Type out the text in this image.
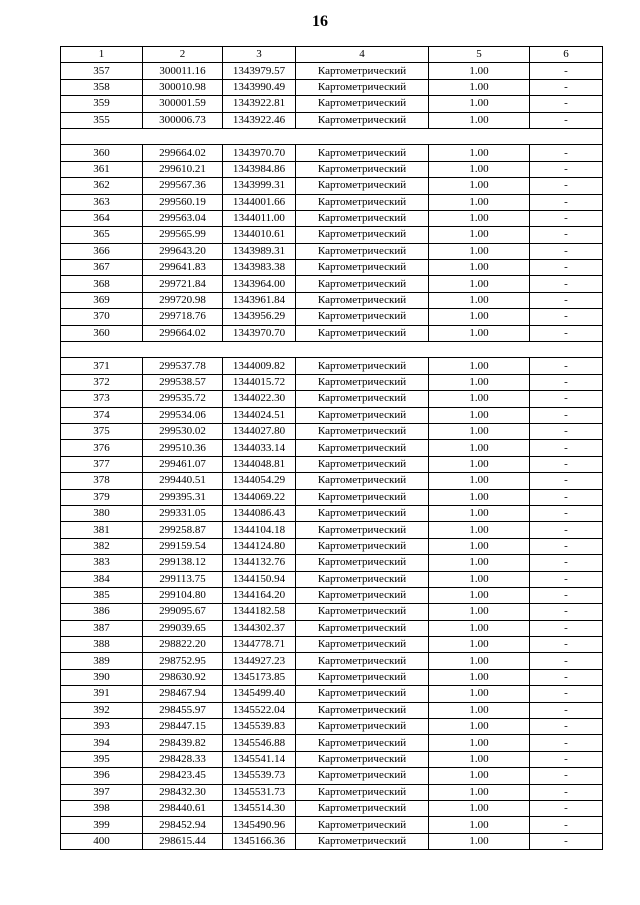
16
1	2	3	4	5	6
357	300011.16	1343979.57	Картометрический	1.00	-
358	300010.98	1343990.49	Картометрический	1.00	-
359	300001.59	1343922.81	Картометрический	1.00	-
355	300006.73	1343922.46	Картометрический	1.00	-

360	299664.02	1343970.70	Картометрический	1.00	-
361	299610.21	1343984.86	Картометрический	1.00	-
362	299567.36	1343999.31	Картометрический	1.00	-
363	299560.19	1344001.66	Картометрический	1.00	-
364	299563.04	1344011.00	Картометрический	1.00	-
365	299565.99	1344010.61	Картометрический	1.00	-
366	299643.20	1343989.31	Картометрический	1.00	-
367	299641.83	1343983.38	Картометрический	1.00	-
368	299721.84	1343964.00	Картометрический	1.00	-
369	299720.98	1343961.84	Картометрический	1.00	-
370	299718.76	1343956.29	Картометрический	1.00	-
360	299664.02	1343970.70	Картометрический	1.00	-

371	299537.78	1344009.82	Картометрический	1.00	-
372	299538.57	1344015.72	Картометрический	1.00	-
373	299535.72	1344022.30	Картометрический	1.00	-
374	299534.06	1344024.51	Картометрический	1.00	-
375	299530.02	1344027.80	Картометрический	1.00	-
376	299510.36	1344033.14	Картометрический	1.00	-
377	299461.07	1344048.81	Картометрический	1.00	-
378	299440.51	1344054.29	Картометрический	1.00	-
379	299395.31	1344069.22	Картометрический	1.00	-
380	299331.05	1344086.43	Картометрический	1.00	-
381	299258.87	1344104.18	Картометрический	1.00	-
382	299159.54	1344124.80	Картометрический	1.00	-
383	299138.12	1344132.76	Картометрический	1.00	-
384	299113.75	1344150.94	Картометрический	1.00	-
385	299104.80	1344164.20	Картометрический	1.00	-
386	299095.67	1344182.58	Картометрический	1.00	-
387	299039.65	1344302.37	Картометрический	1.00	-
388	298822.20	1344778.71	Картометрический	1.00	-
389	298752.95	1344927.23	Картометрический	1.00	-
390	298630.92	1345173.85	Картометрический	1.00	-
391	298467.94	1345499.40	Картометрический	1.00	-
392	298455.97	1345522.04	Картометрический	1.00	-
393	298447.15	1345539.83	Картометрический	1.00	-
394	298439.82	1345546.88	Картометрический	1.00	-
395	298428.33	1345541.14	Картометрический	1.00	-
396	298423.45	1345539.73	Картометрический	1.00	-
397	298432.30	1345531.73	Картометрический	1.00	-
398	298440.61	1345514.30	Картометрический	1.00	-
399	298452.94	1345490.96	Картометрический	1.00	-
400	298615.44	1345166.36	Картометрический	1.00	-
